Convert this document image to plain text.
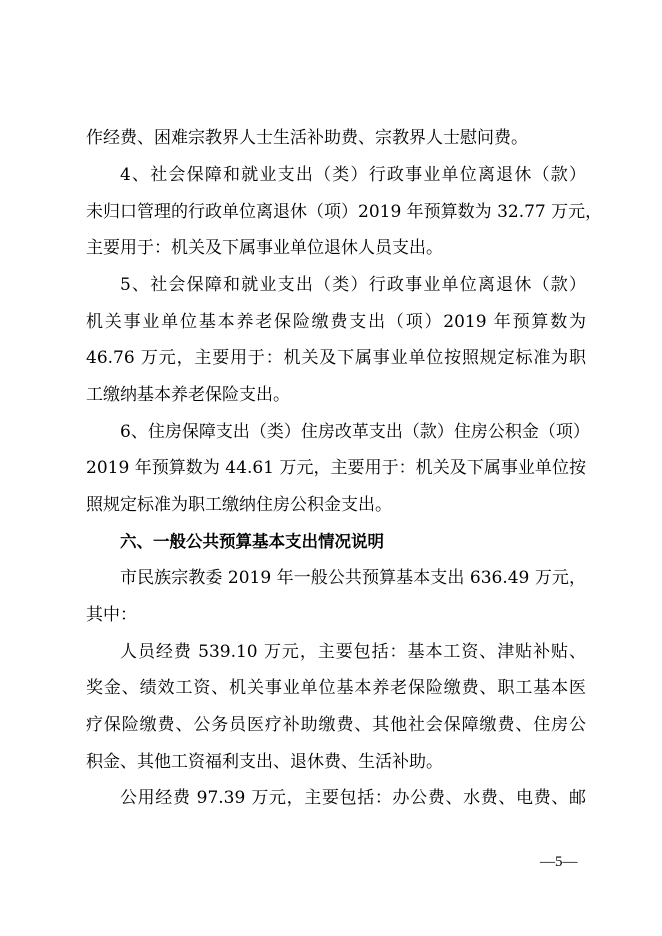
作经费、困难宗教界人士生活补助费、宗教界人士慰问费。
4、社会保障和就业支出（类）行政事业单位离退休（款）
未归口管理的行政单位离退休（项）2019 年预算数为 32.77 万元，
主要用于：机关及下属事业单位退休人员支出。
5、社会保障和就业支出（类）行政事业单位离退休（款）
机关事业单位基本养老保险缴费支出（项）2019 年预算数为
46.76 万元，主要用于：机关及下属事业单位按照规定标准为职
工缴纳基本养老保险支出。
6、住房保障支出（类）住房改革支出（款）住房公积金（项）
2019 年预算数为 44.61 万元，主要用于：机关及下属事业单位按
照规定标准为职工缴纳住房公积金支出。
六、一般公共预算基本支出情况说明
市民族宗教委 2019 年一般公共预算基本支出 636.49 万元，
其中：
人员经费 539.10 万元，主要包括：基本工资、津贴补贴、
奖金、绩效工资、机关事业单位基本养老保险缴费、职工基本医
疗保险缴费、公务员医疗补助缴费、其他社会保障缴费、住房公
积金、其他工资福利支出、退休费、生活补助。
公用经费 97.39 万元，主要包括：办公费、水费、电费、邮
—5—
